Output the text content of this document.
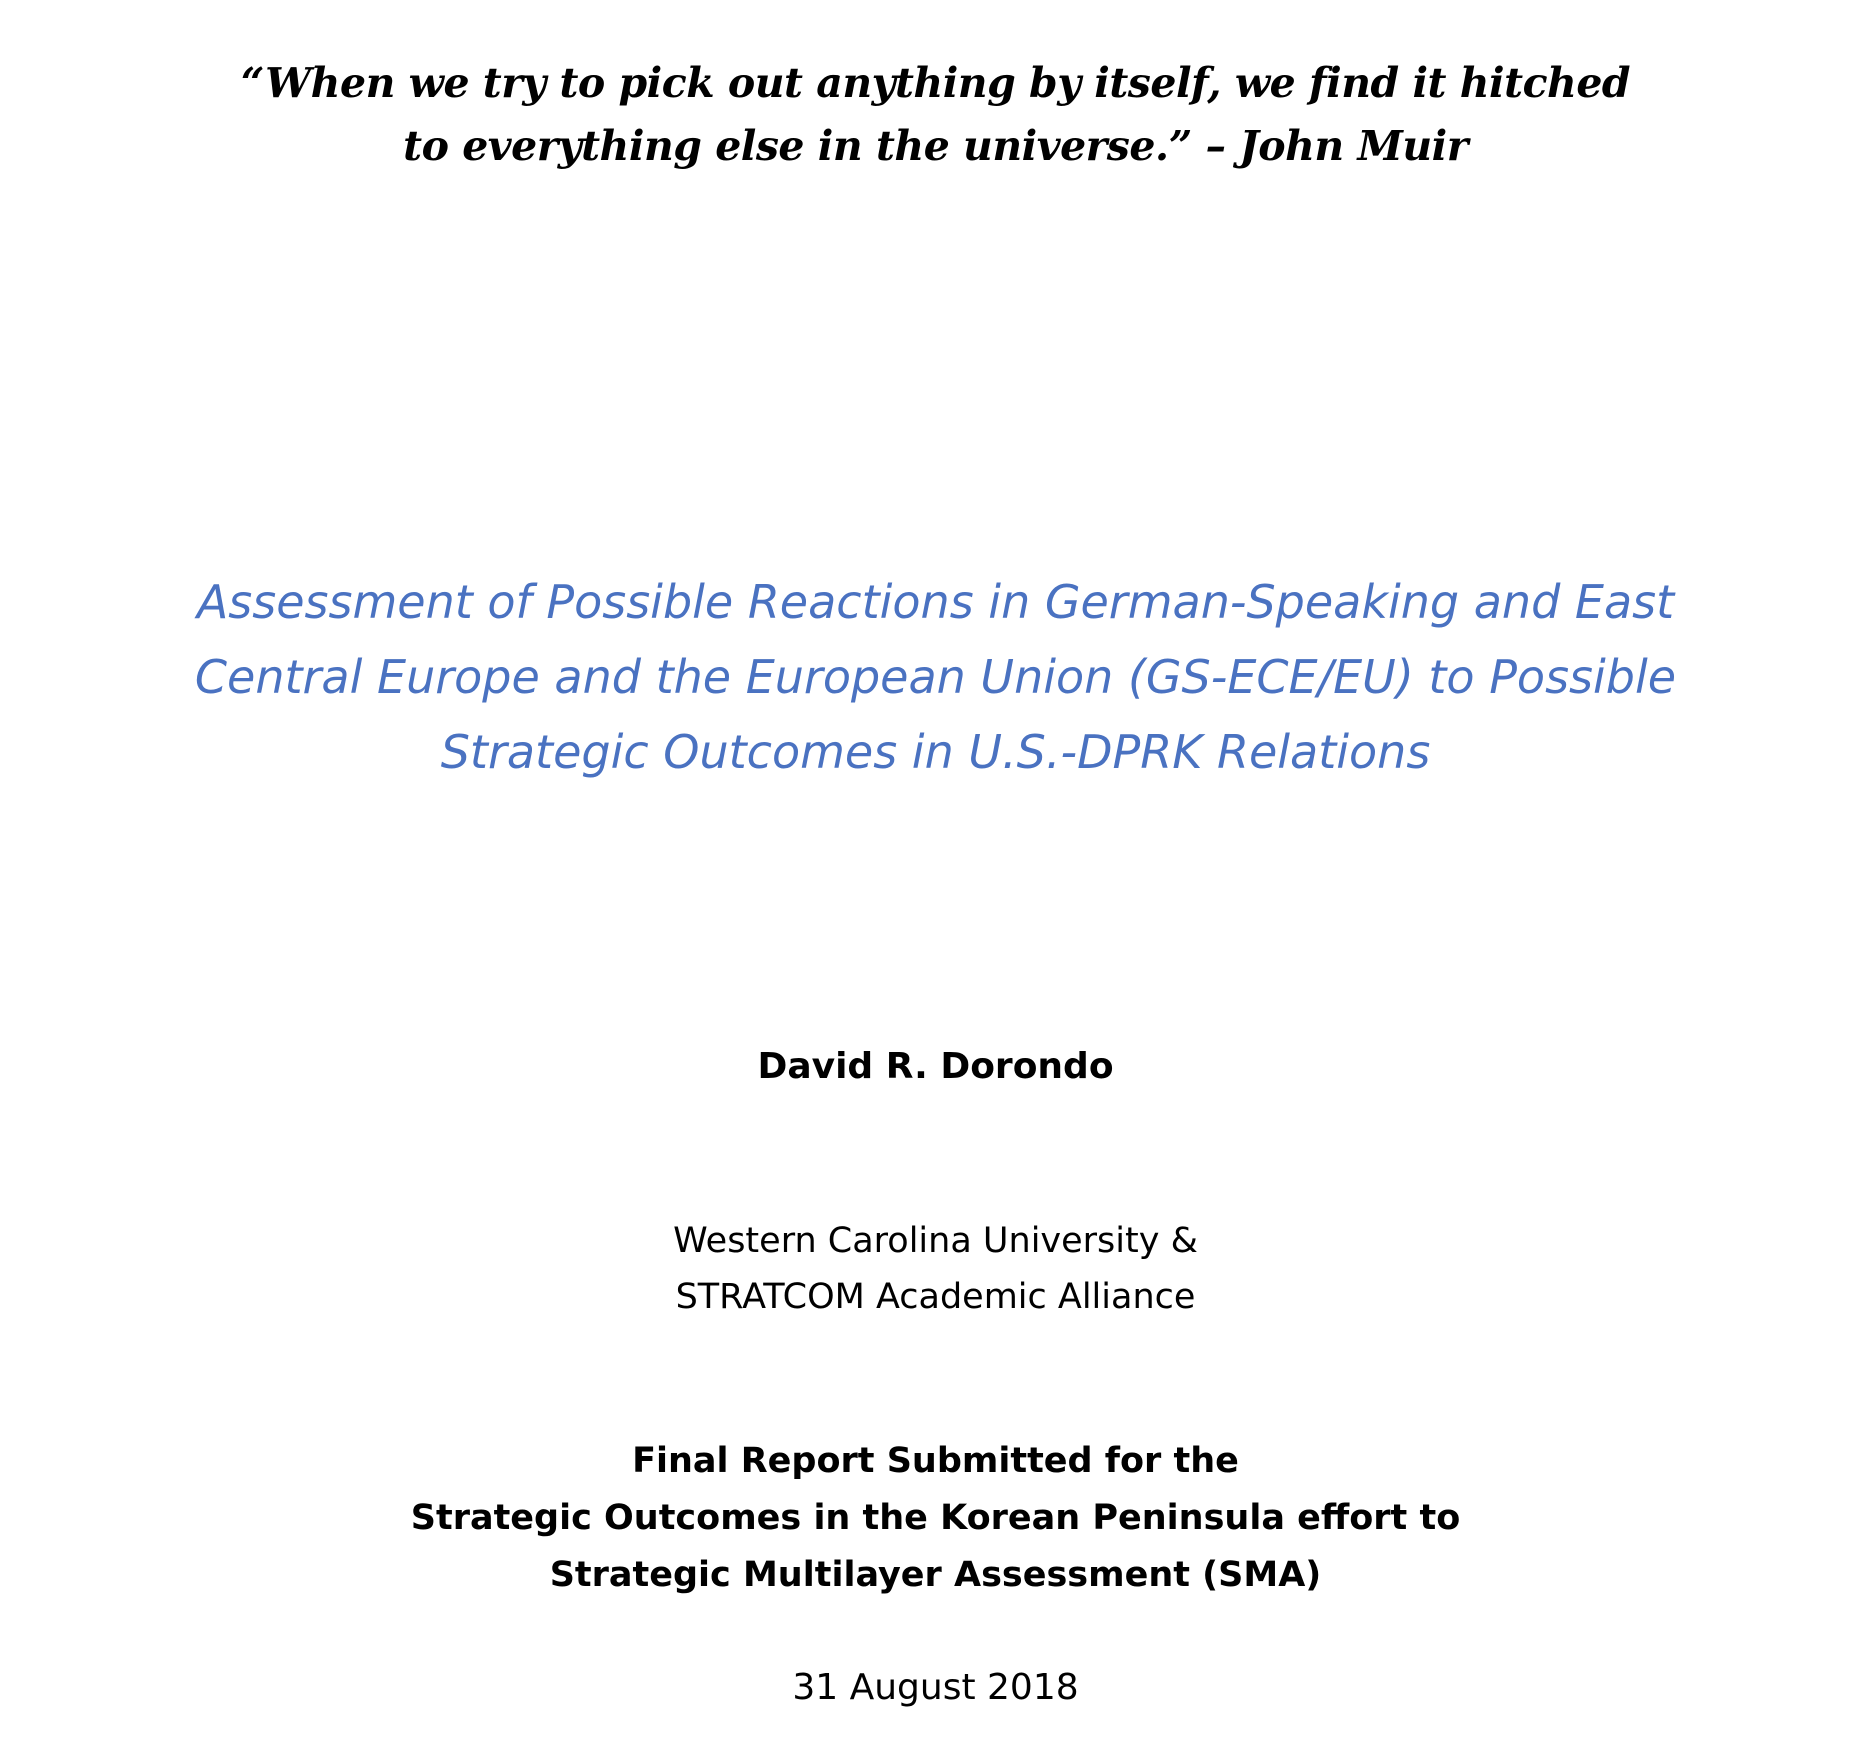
“When we try to pick out anything by itself, we find it hitched
to everything else in the universe.” – John Muir
Assessment of Possible Reactions in German-Speaking and East
Central Europe and the European Union (GS-ECE/EU) to Possible
Strategic Outcomes in U.S.-DPRK Relations
David R. Dorondo
Western Carolina University &
STRATCOM Academic Alliance
Final Report Submitted for the
Strategic Outcomes in the Korean Peninsula effort to
Strategic Multilayer Assessment (SMA)
31 August 2018
